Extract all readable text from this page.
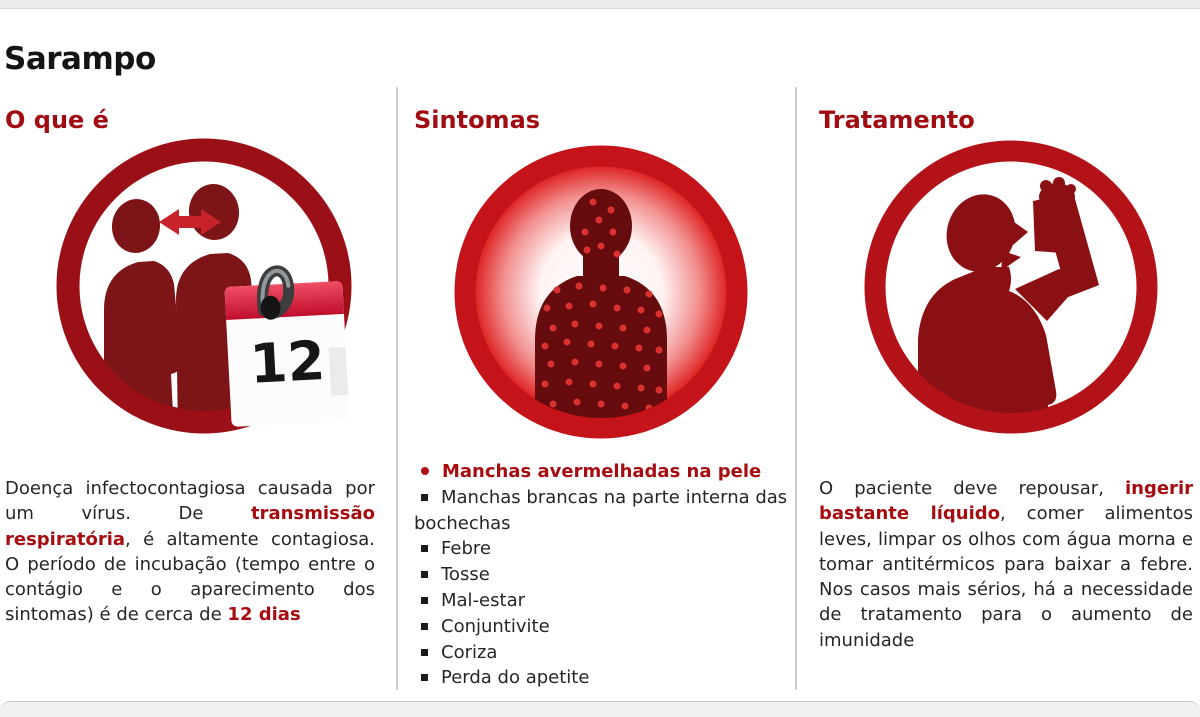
Sarampo
O que é	Sintomas	Tratamento
12

Doença infectocontagiosa causada por um vírus. De transmissão respiratória, é altamente contagiosa. O período de incubação (tempo entre o contágio e o aparecimento dos sintomas) é de cerca de 12 dias

Manchas avermelhadas na pele
Manchas brancas na parte interna das bochechas
Febre
Tosse
Mal-estar
Conjuntivite
Coriza
Perda do apetite

O paciente deve repousar, ingerir bastante líquido, comer alimentos leves, limpar os olhos com água morna e tomar antitérmicos para baixar a febre. Nos casos mais sérios, há a necessidade de tratamento para o aumento de imunidade
